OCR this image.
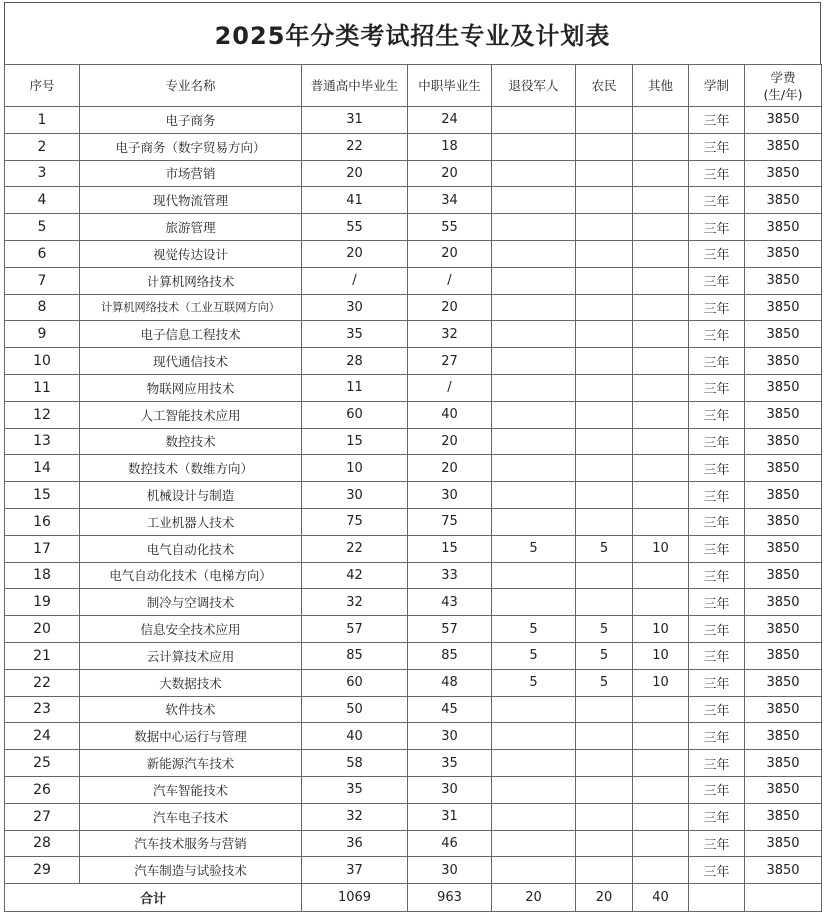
2025年分类考试招生专业及计划表
序号	专业名称	普通高中毕业生	中职毕业生	退役军人	农民	其他	学制	学费
(生/年)

1	电子商务	31	24				三年	3850
2	电子商务（数字贸易方向）	22	18				三年	3850
3	市场营销	20	20				三年	3850
4	现代物流管理	41	34				三年	3850
5	旅游管理	55	55				三年	3850
6	视觉传达设计	20	20				三年	3850
7	计算机网络技术	/	/				三年	3850
8	计算机网络技术（工业互联网方向）	30	20				三年	3850
9	电子信息工程技术	35	32				三年	3850
10	现代通信技术	28	27				三年	3850
11	物联网应用技术	11	/				三年	3850
12	人工智能技术应用	60	40				三年	3850
13	数控技术	15	20				三年	3850
14	数控技术（数维方向）	10	20				三年	3850
15	机械设计与制造	30	30				三年	3850
16	工业机器人技术	75	75				三年	3850
17	电气自动化技术	22	15	5	5	10	三年	3850
18	电气自动化技术（电梯方向）	42	33				三年	3850
19	制冷与空调技术	32	43				三年	3850
20	信息安全技术应用	57	57	5	5	10	三年	3850
21	云计算技术应用	85	85	5	5	10	三年	3850
22	大数据技术	60	48	5	5	10	三年	3850
23	软件技术	50	45				三年	3850
24	数据中心运行与管理	40	30				三年	3850
25	新能源汽车技术	58	35				三年	3850
26	汽车智能技术	35	30				三年	3850
27	汽车电子技术	32	31				三年	3850
28	汽车技术服务与营销	36	46				三年	3850
29	汽车制造与试验技术	37	30				三年	3850
合计		1069	963	20	20	40		
